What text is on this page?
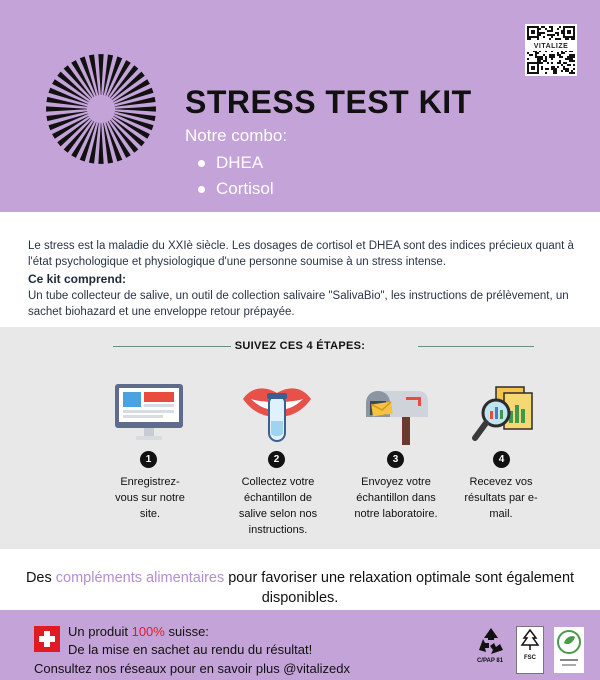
VITALIZE
STRESS TEST KIT
Notre combo:
DHEA
Cortisol

Le stress est la maladie du XXIè siècle. Les dosages de cortisol et DHEA sont des indices précieux quant à l'état psychologique et physiologique d'une personne soumise à un stress intense.

Ce kit comprend:

Un tube collecteur de salive, un outil de collection salivaire "SalivaBio", les instructions de prélèvement, un sachet biohazard et une enveloppe retour prépayée.

SUIVEZ CES 4 ÉTAPES:
1	2	3	4
Enregistrez-vous sur notre site.
Collectez votre échantillon de salive selon nos instructions.
Envoyez votre échantillon dans notre laboratoire.
Recevez vos résultats par e-mail.
Des compléments alimentaires pour favoriser une relaxation optimale sont également disponibles.
Un produit 100% suisse:
De la mise en sachet au rendu du résultat!
Consultez nos réseaux pour en savoir plus @vitalizedx	C/PAP 81	FSC
